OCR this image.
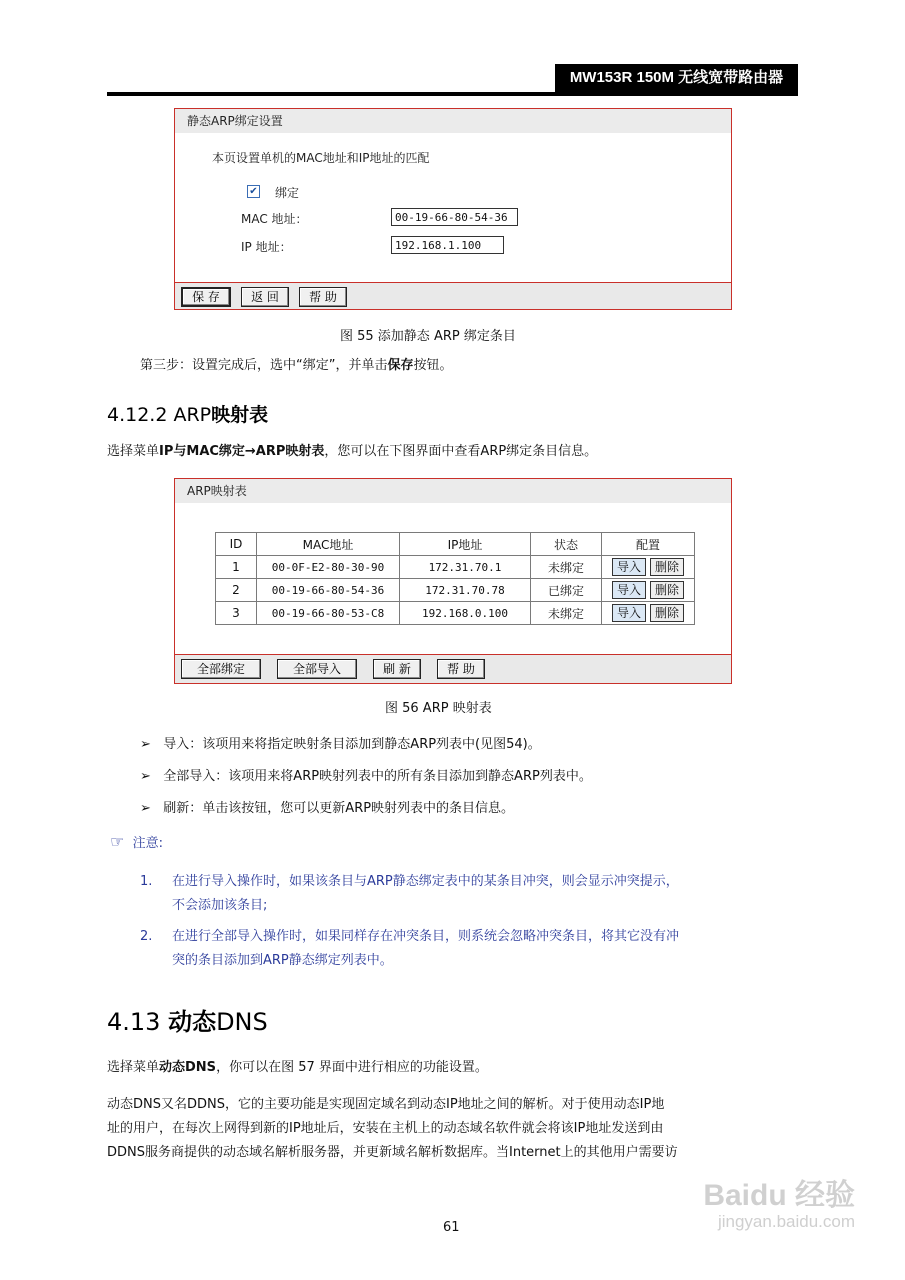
MW153R 150M 无线宽带路由器
静态ARP绑定设置
本页设置单机的MAC地址和IP地址的匹配
✔ 绑定
MAC 地址：	00-19-66-80-54-36
IP 地址：	192.168.1.100
保 存	返 回	帮 助
图 55 添加静态 ARP 绑定条目
第三步：设置完成后，选中“绑定”，并单击保存按钮。
4.12.2 ARP映射表
选择菜单IP与MAC绑定→ARP映射表，您可以在下图界面中查看ARP绑定条目信息。
ARP映射表
ID	MAC地址	IP地址	状态	配置
1	00-0F-E2-80-30-90	172.31.70.1	未绑定	导入 删除
2	00-19-66-80-54-36	172.31.70.78	已绑定	导入 删除
3	00-19-66-80-53-C8	192.168.0.100	未绑定	导入 删除
全部绑定	全部导入	刷 新	帮 助
图 56 ARP 映射表
➢   导入：该项用来将指定映射条目添加到静态ARP列表中(见图54)。
➢   全部导入：该项用来将ARP映射列表中的所有条目添加到静态ARP列表中。
➢   刷新：单击该按钮，您可以更新ARP映射列表中的条目信息。
☞ 注意:
1. 在进行导入操作时，如果该条目与ARP静态绑定表中的某条目冲突，则会显示冲突提示，
不会添加该条目;
2. 在进行全部导入操作时，如果同样存在冲突条目，则系统会忽略冲突条目，将其它没有冲
突的条目添加到ARP静态绑定列表中。
4.13 动态DNS
选择菜单动态DNS，你可以在图 57 界面中进行相应的功能设置。
动态DNS又名DDNS，它的主要功能是实现固定域名到动态IP地址之间的解析。对于使用动态IP地
址的用户，在每次上网得到新的IP地址后，安装在主机上的动态域名软件就会将该IP地址发送到由
DDNS服务商提供的动态域名解析服务器，并更新域名解析数据库。当Internet上的其他用户需要访
61
Baidu 经验
jingyan.baidu.com
